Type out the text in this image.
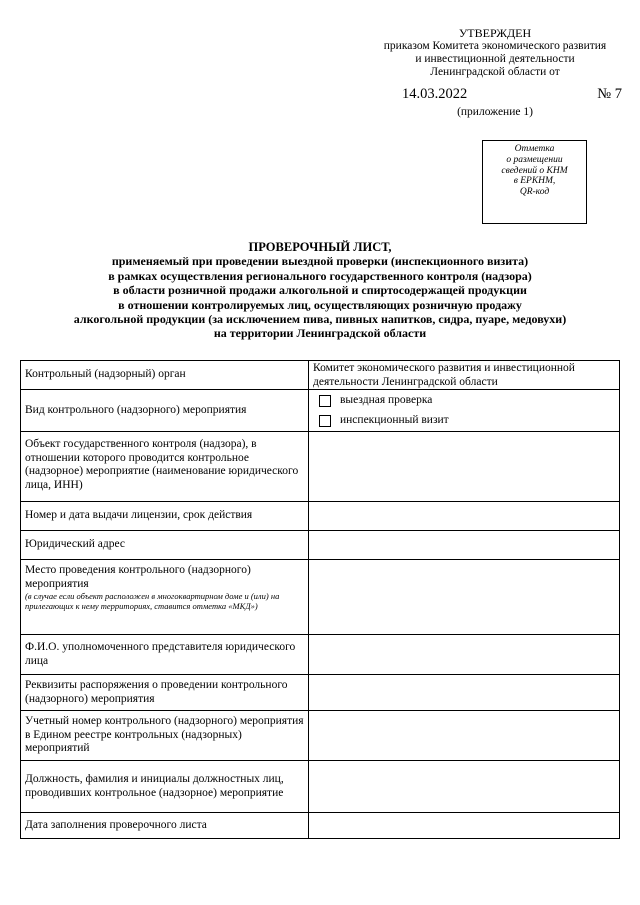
УТВЕРЖДЕН
приказом Комитета экономического развития
и инвестиционной деятельности
Ленинградской области от
14.03.2022	№ 7
(приложение 1)
Отметка
о размещении
сведений о КНМ
в ЕРКНМ,
QR-код
ПРОВЕРОЧНЫЙ ЛИСТ,
применяемый при проведении выездной проверки (инспекционного визита)
в рамках осуществления регионального государственного контроля (надзора)
в области розничной продажи алкогольной и спиртосодержащей продукции
в отношении контролируемых лиц, осуществляющих розничную продажу
алкогольной продукции (за исключением пива, пивных напитков, сидра, пуаре, медовухи)
на территории Ленинградской области
Контрольный (надзорный) орган	Комитет экономического развития и инвестиционной деятельности Ленинградской области
Вид контрольного (надзорного) мероприятия	выездная проверка
инспекционный визит

Объект государственного контроля (надзора), в отношении которого проводится контрольное (надзорное) мероприятие (наименование юридического лица, ИНН)	
Номер и дата выдачи лицензии, срок действия	
Юридический адрес	

Место проведения контрольного (надзорного) мероприятия
(в случае если объект расположен в многоквартирном доме и (или) на прилегающих к нему территориях, ставится отметка «МКД»)	

Ф.И.О. уполномоченного представителя юридического лица	
Реквизиты распоряжения о проведении контрольного (надзорного) мероприятия	
Учетный номер контрольного (надзорного) мероприятия в Едином реестре контрольных (надзорных) мероприятий	
Должность, фамилия и инициалы должностных лиц, проводивших контрольное (надзорное) мероприятие	
Дата заполнения проверочного листа	
